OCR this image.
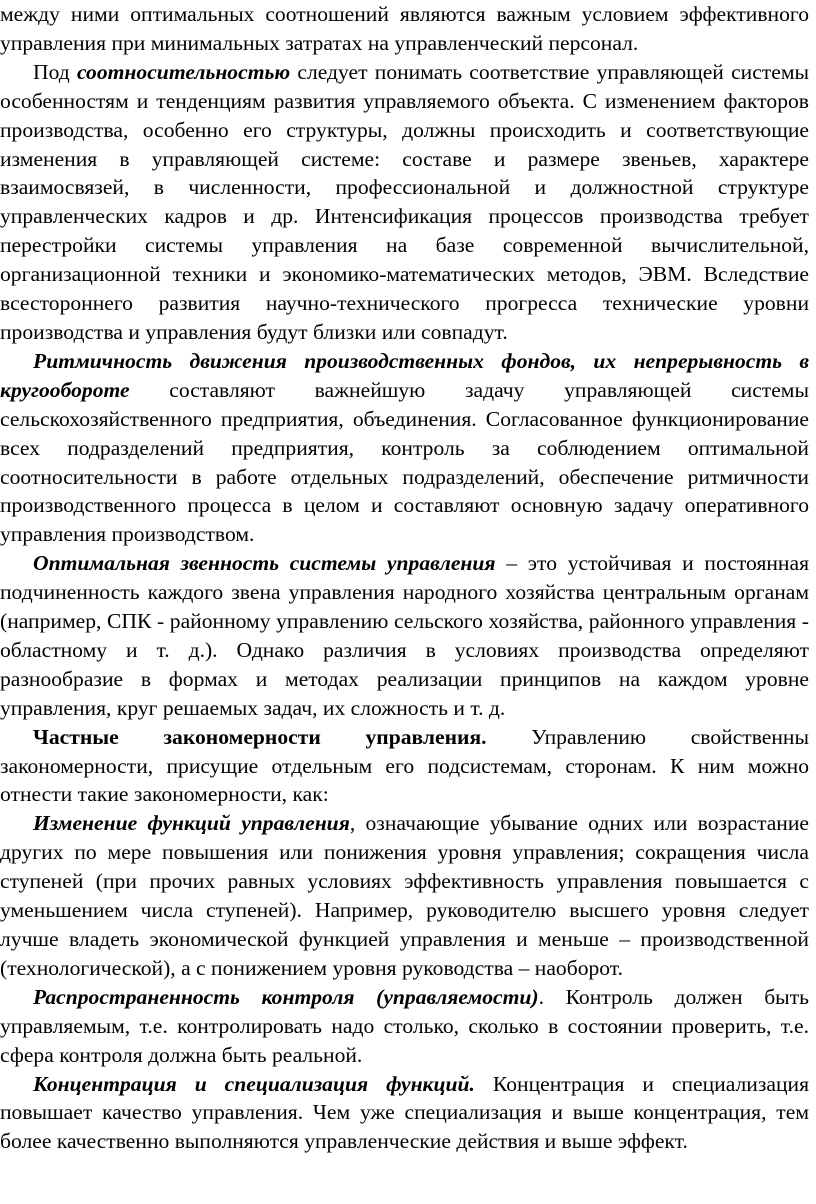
между ними оптимальных соотношений являются важным условием эффективного управления при минимальных затратах на управленческий персонал.

Под соотносительностью следует понимать соответствие управляющей системы особенностям и тенденциям развития управляемого объекта. С изменением факторов производства, особенно его структуры, должны происходить и соответствующие изменения в управляющей системе: составе и размере звеньев, характере взаимосвязей, в численности, профессиональной и должностной структуре управленческих кадров и др. Интенсификация процессов производства требует перестройки системы управления на базе современной вычислительной, организационной техники и экономико-математических методов, ЭВМ. Вследствие всестороннего развития научно-технического прогресса технические уровни производства и управления будут близки или совпадут.

Ритмичность движения производственных фондов, их непрерывность в кругообороте составляют важнейшую задачу управляющей системы сельскохозяйственного предприятия, объединения. Согласованное функционирование всех подразделений предприятия, контроль за соблюдением оптимальной соотносительности в работе отдельных подразделений, обеспечение ритмичности производственного процесса в целом и составляют основную задачу оперативного управления производством.

Оптимальная звенность системы управления – это устойчивая и постоянная подчиненность каждого звена управления народного хозяйства центральным органам (например, СПК - районному управлению сельского хозяйства, районного управления - областному и т. д.). Однако различия в условиях производства определяют разнообразие в формах и методах реализации принципов на каждом уровне управления, круг решаемых задач, их сложность и т. д.

Частные закономерности управления. Управлению свойственны закономерности, присущие отдельным его подсистемам, сторонам. К ним можно отнести такие закономерности, как:

Изменение функций управления, означающие убывание одних или возрастание других по мере повышения или понижения уровня управления; сокращения числа ступеней (при прочих равных условиях эффективность управления повышается с уменьшением числа ступеней). Например, руководителю высшего уровня следует лучше владеть экономической функцией управления и меньше – производственной (технологической), а с понижением уровня руководства – наоборот.

Распространенность контроля (управляемости). Контроль должен быть управляемым, т.е. контролировать надо столько, сколько в состоянии проверить, т.е. сфера контроля должна быть реальной.

Концентрация и специализация функций. Концентрация и специализация повышает качество управления. Чем уже специализация и выше концентрация, тем более качественно выполняются управленческие действия и выше эффект.
